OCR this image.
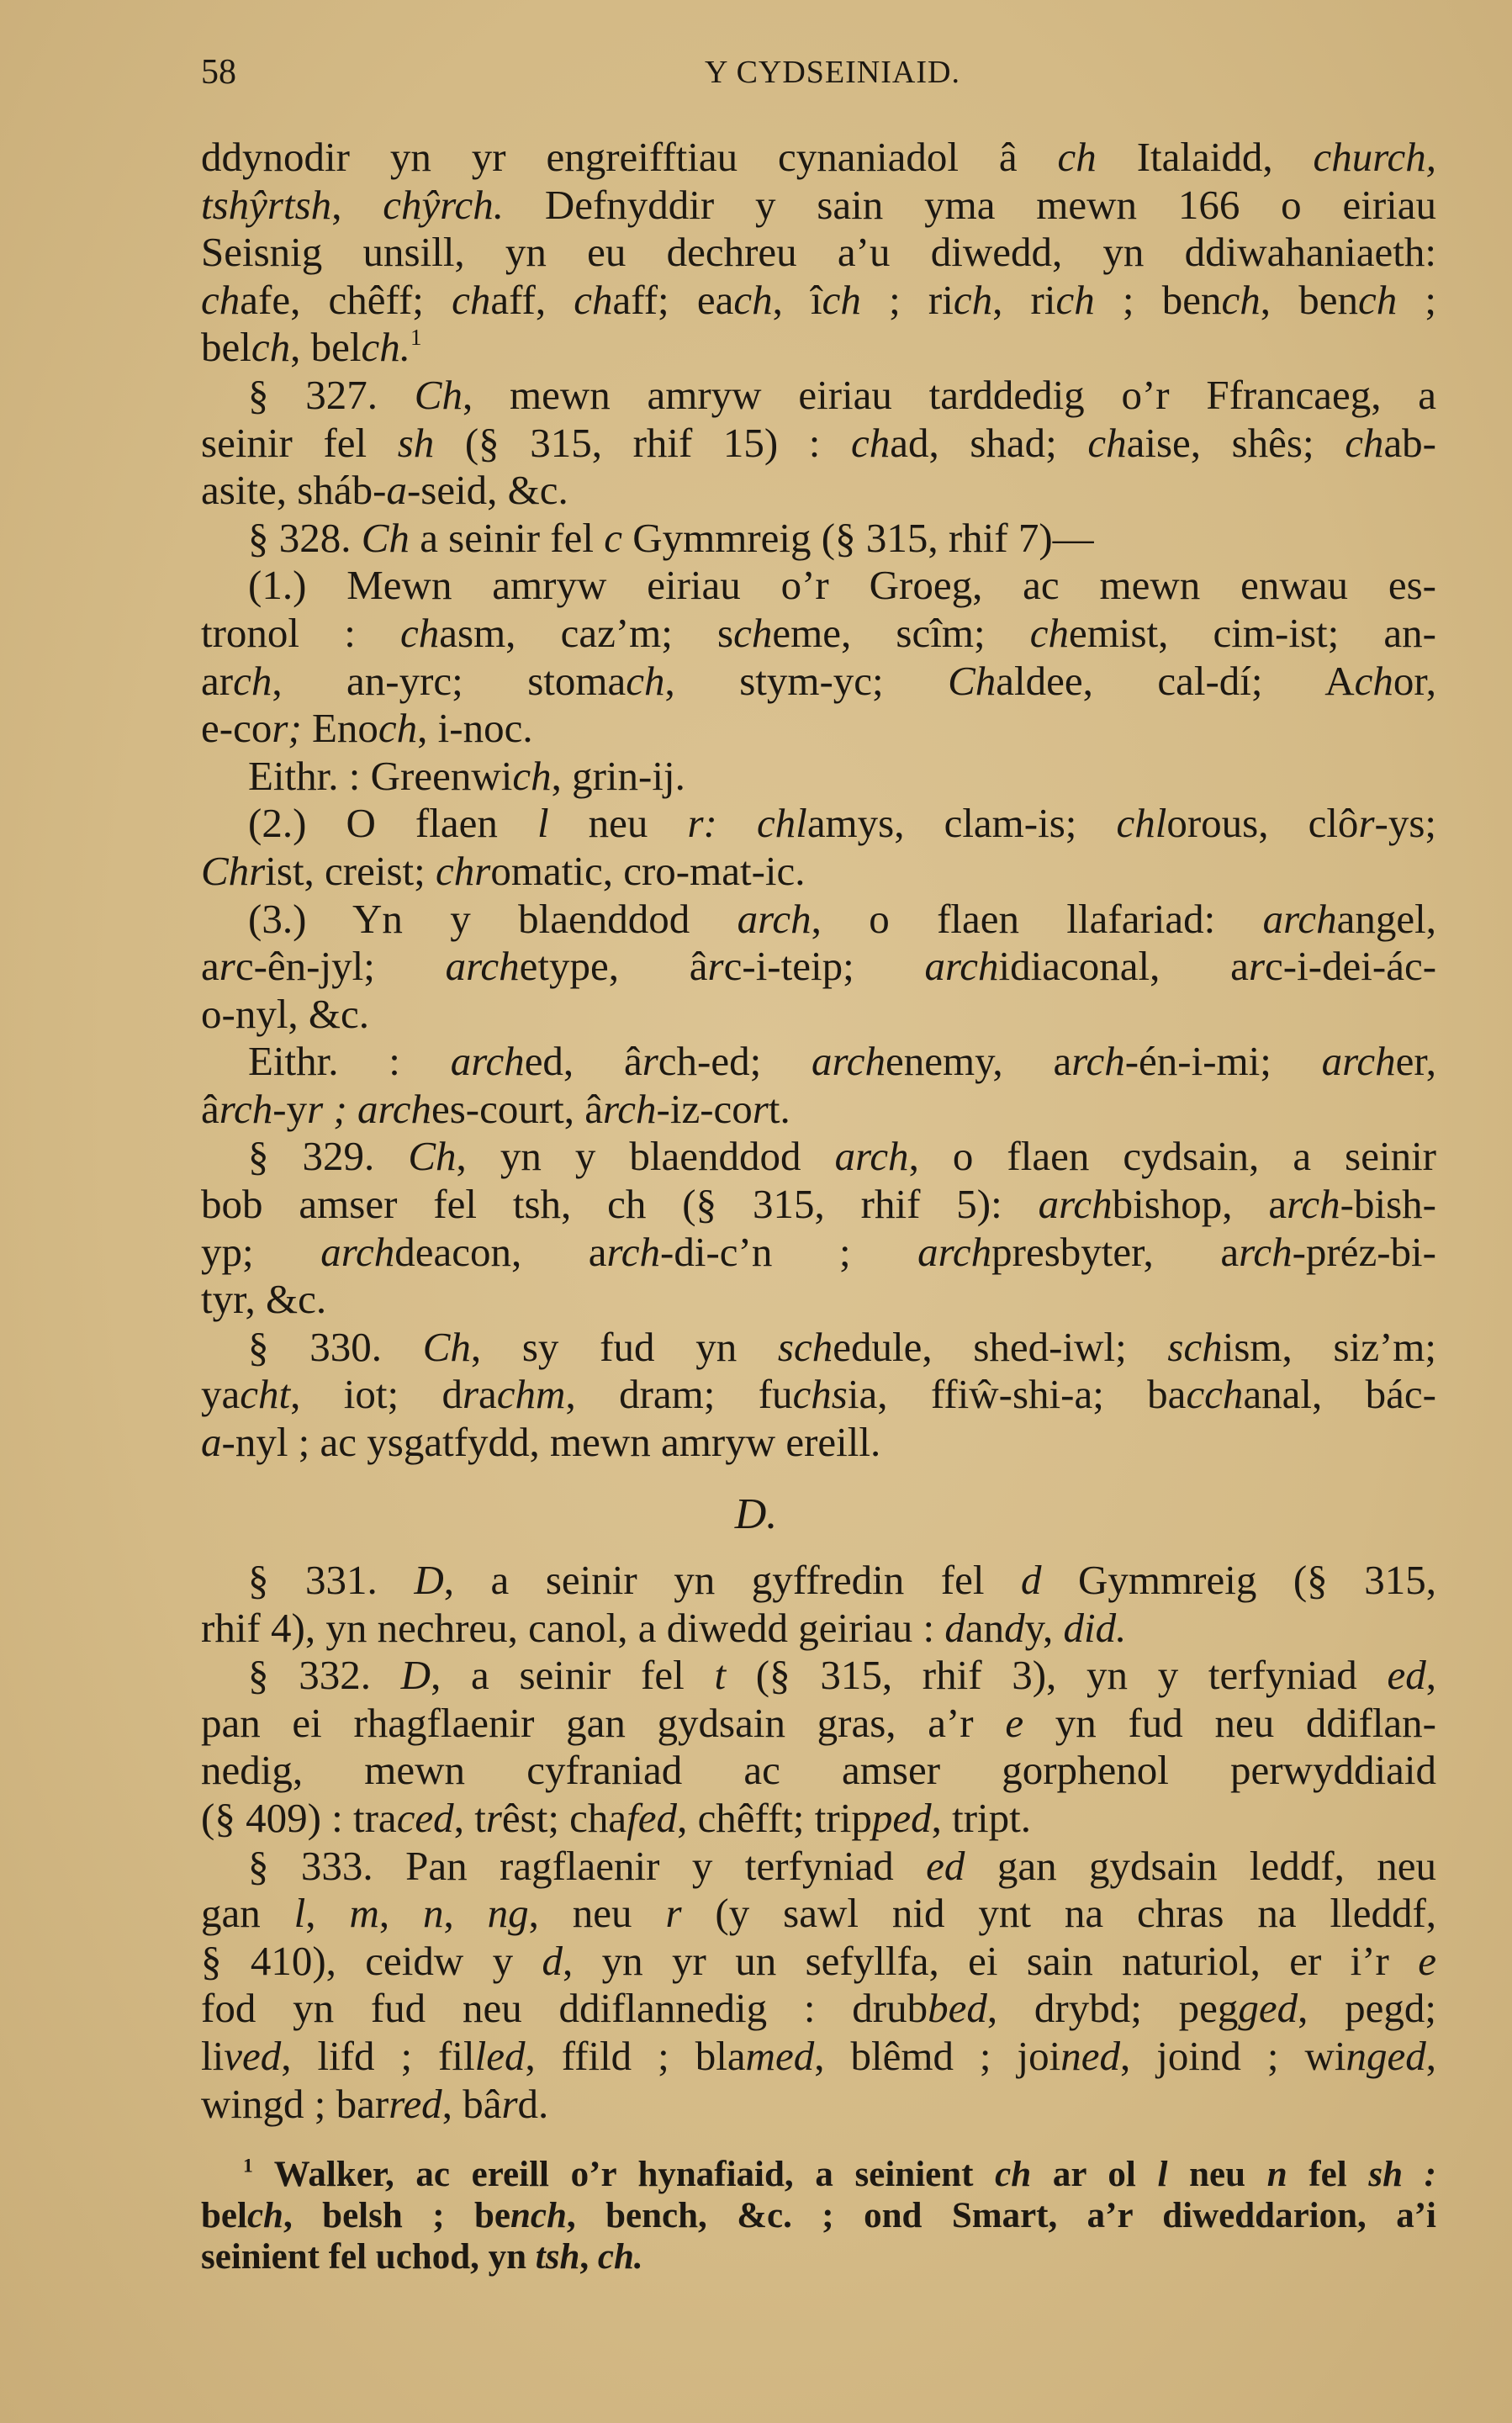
58	Y CYDSEINIAID.
ddynodir yn yr engreifftiau cynaniadol â ch Italaidd, church,
tshŷrtsh, chŷrch. Defnyddir y sain yma mewn 166 o eiriau
Seisnig unsill, yn eu dechreu a’u diwedd, yn ddiwahaniaeth:
chafe, chêff; chaff, chaff; each, îch ; rich, rich ; bench, bench ;
belch, belch.$^1$
§ 327. Ch, mewn amryw eiriau tarddedig o’r Ffrancaeg, a
seinir fel sh (§ 315, rhif 15) : chad, shad; chaise, shês; chab-
asite, sháb-a-seid, &c.
§ 328. Ch a seinir fel c Gymmreig (§ 315, rhif 7)—
(1.) Mewn amryw eiriau o’r Groeg, ac mewn enwau es-
tronol : chasm, caz’m; scheme, scîm; chemist, cim-ist; an-
arch, an-yrc; stomach, stym-yc; Chaldee, cal-dí; Achor,
e-cor; Enoch, i-noc.
Eithr. : Greenwich, grin-ij.
(2.) O flaen l neu r: chlamys, clam-is; chlorous, clôr-ys;
Christ, creist; chromatic, cro-mat-ic.
(3.) Yn y blaenddod arch, o flaen llafariad: archangel,
arc-ên-jyl; archetype, ârc-i-teip; archidiaconal, arc-i-dei-ác-
o-nyl, &c.
Eithr. : arched, ârch-ed; archenemy, arch-én-i-mi; archer,
ârch-yr ; arches-court, ârch-iz-cort.
§ 329. Ch, yn y blaenddod arch, o flaen cydsain, a seinir
bob amser fel tsh, ch (§ 315, rhif 5): archbishop, arch-bish-
yp; archdeacon, arch-di-c’n ; archpresbyter, arch-préz-bi-
tyr, &c.
§ 330. Ch, sy fud yn schedule, shed-iwl; schism, siz’m;
yacht, iot; drachm, dram; fuchsia, ffiŵ-shi-a; bacchanal, bác-
a-nyl ; ac ysgatfydd, mewn amryw ereill.
D.
§ 331. D, a seinir yn gyffredin fel d Gymmreig (§ 315,
rhif 4), yn nechreu, canol, a diwedd geiriau : dandy, did.
§ 332. D, a seinir fel t (§ 315, rhif 3), yn y terfyniad ed,
pan ei rhagflaenir gan gydsain gras, a’r e yn fud neu ddiflan-
nedig, mewn cyfraniad ac amser gorphenol perwyddiaid
(§ 409) : traced, trêst; chafed, chêfft; tripped, tript.
§ 333. Pan ragflaenir y terfyniad ed gan gydsain leddf, neu
gan l, m, n, ng, neu r (y sawl nid ynt na chras na lleddf,
§ 410), ceidw y d, yn yr un sefyllfa, ei sain naturiol, er i’r e
fod yn fud neu ddiflannedig : drubbed, drybd; pegged, pegd;
lived, lifd ; filled, ffild ; blamed, blêmd ; joined, joind ; winged,
wingd ; barred, bârd.
$^1$ Walker, ac ereill o’r hynafiaid, a seinient ch ar ol l neu n fel sh :
belch, belsh ; bench, bench, &c. ; ond Smart, a’r diweddarion, a’i
seinient fel uchod, yn tsh, ch.
